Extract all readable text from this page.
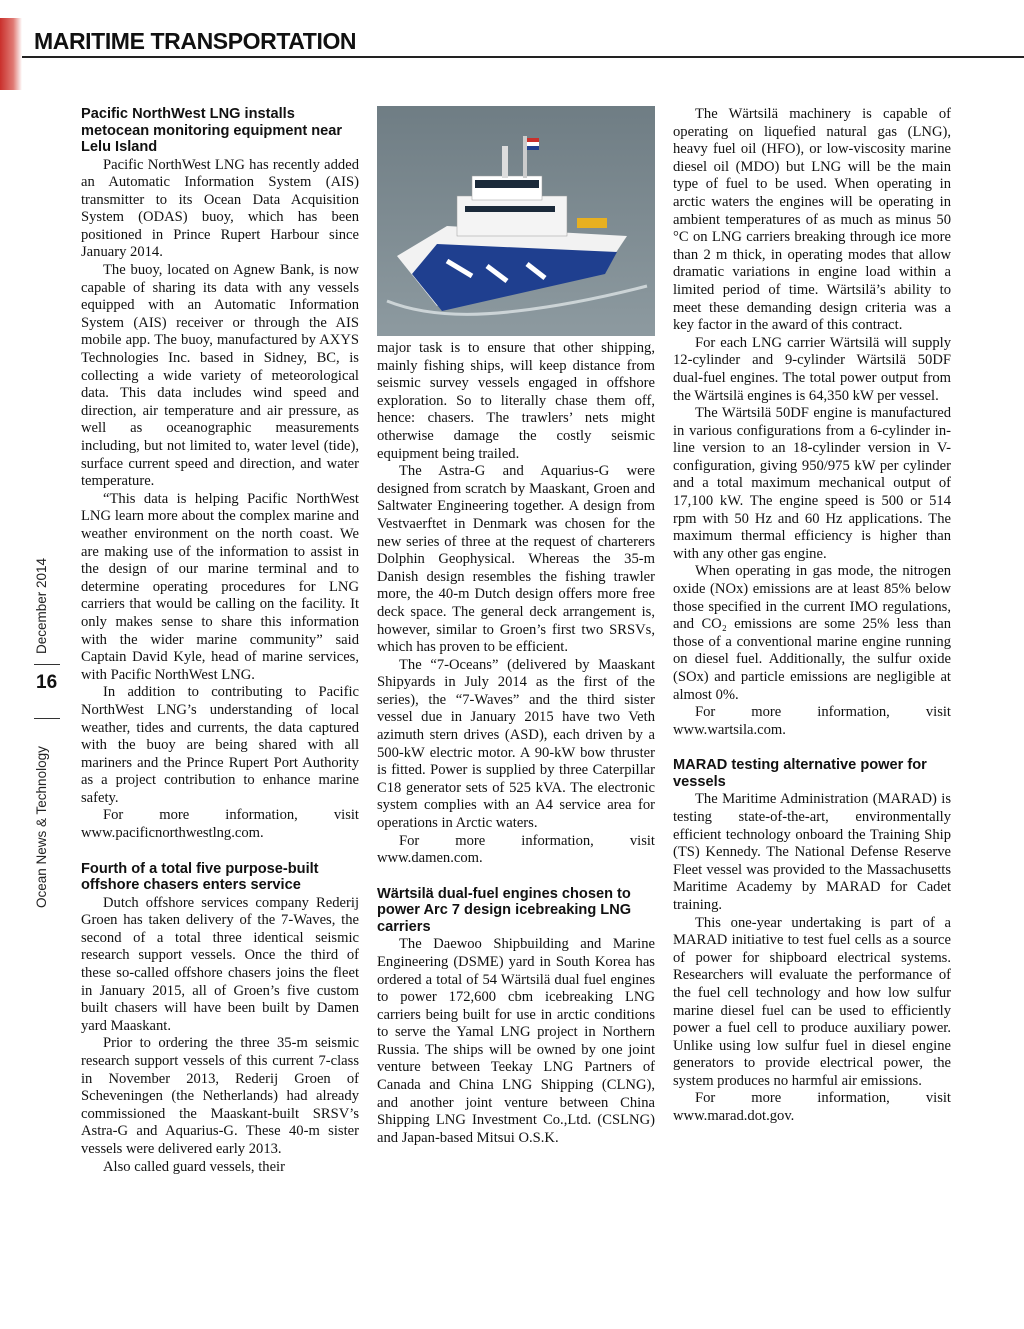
MARITIME TRANSPORTATION
Ocean News & Technology
16
December 2014
Pacific NorthWest LNG installs metocean monitoring equipment near Lelu Island

Pacific NorthWest LNG has recently added an Automatic Information System (AIS) transmitter to its Ocean Data Acquisition System (ODAS) buoy, which has been positioned in Prince Rupert Harbour since January 2014.

The buoy, located on Agnew Bank, is now capable of sharing its data with any vessels equipped with an Automatic Information System (AIS) receiver or through the AIS mobile app. The buoy, manufactured by AXYS Technologies Inc. based in Sidney, BC, is collecting a wide variety of meteorological data. This data includes wind speed and direction, air temperature and air pressure, as well as oceanographic measurements including, but not limited to, water level (tide), surface current speed and direction, and water temperature.

“This data is helping Pacific NorthWest LNG learn more about the complex marine and weather environment on the north coast. We are making use of the information to assist in the design of our marine terminal and to determine operating procedures for LNG carriers that would be calling on the facility. It only makes sense to share this information with the wider marine community” said Captain David Kyle, head of marine services, with Pacific NorthWest LNG.

In addition to contributing to Pacific NorthWest LNG’s understanding of local weather, tides and currents, the data captured with the buoy are being shared with all mariners and the Prince Rupert Port Authority as a project contribution to enhance marine safety.

For more information, visit www.pacificnorthwestlng.com.

Fourth of a total five purpose-built offshore chasers enters service

Dutch offshore services company Rederij Groen has taken delivery of the 7-Waves, the second of a total three identical seismic research support vessels. Once the third of these so-called offshore chasers joins the fleet in January 2015, all of Groen’s five custom built chasers will have been built by Damen yard Maaskant.

Prior to ordering the three 35-m seismic research support vessels of this current 7-class in November 2013, Rederij Groen of Scheveningen (the Netherlands) had already commissioned the Maaskant-built SRSV’s Astra-G and Aquarius-G. These 40-m sister vessels were delivered early 2013.

Also called guard vessels, their

major task is to ensure that other shipping, mainly fishing ships, will keep distance from seismic survey vessels engaged in offshore exploration. So to literally chase them off, hence: chasers. The trawlers’ nets might otherwise damage the costly seismic equipment being trailed.

The Astra-G and Aquarius-G were designed from scratch by Maaskant, Groen and Saltwater Engineering together. A design from Vestvaerftet in Denmark was chosen for the new series of three at the request of charterers Dolphin Geophysical. Whereas the 35-m Danish design resembles the fishing trawler more, the 40-m Dutch design offers more free deck space. The general deck arrangement is, however, similar to Groen’s first two SRSVs, which has proven to be efficient.

The “7-Oceans” (delivered by Maaskant Shipyards in July 2014 as the first of the series), the “7-Waves” and the third sister vessel due in January 2015 have two Veth azimuth stern drives (ASD), each driven by a 500-kW electric motor. A 90-kW bow thruster is fitted. Power is supplied by three Caterpillar C18 generator sets of 525 kVA. The electronic system complies with an A4 service area for operations in Arctic waters.

For more information, visit www.damen.com.

Wärtsilä dual-fuel engines chosen to power Arc 7 design icebreaking LNG carriers

The Daewoo Shipbuilding and Marine Engineering (DSME) yard in South Korea has ordered a total of 54 Wärtsilä dual fuel engines to power 172,600 cbm icebreaking LNG carriers being built for use in arctic conditions to serve the Yamal LNG project in Northern Russia. The ships will be owned by one joint venture between Teekay LNG Partners of Canada and China LNG Shipping (CLNG), and another joint venture between China Shipping LNG Investment Co.,Ltd. (CSLNG) and Japan-based Mitsui O.S.K.

The Wärtsilä machinery is capable of operating on liquefied natural gas (LNG), heavy fuel oil (HFO), or low-viscosity marine diesel oil (MDO) but LNG will be the main type of fuel to be used. When operating in arctic waters the engines will be operating in ambient temperatures of as much as minus 50 °C on LNG carriers breaking through ice more than 2 m thick, in operating modes that allow dramatic variations in engine load within a limited period of time. Wärtsilä’s ability to meet these demanding design criteria was a key factor in the award of this contract.

For each LNG carrier Wärtsilä will supply 12-cylinder and 9-cylinder Wärtsilä 50DF dual-fuel engines. The total power output from the Wärtsilä engines is 64,350 kW per vessel.

The Wärtsilä 50DF engine is manufactured in various configurations from a 6-cylinder in-line version to an 18-cylinder version in V-configuration, giving 950/975 kW per cylinder and a total maximum mechanical output of 17,100 kW. The engine speed is 500 or 514 rpm with 50 Hz and 60 Hz applications. The maximum thermal efficiency is higher than with any other gas engine.

When operating in gas mode, the nitrogen oxide (NOx) emissions are at least 85% below those specified in the current IMO regulations, and CO₂ emissions are some 25% less than those of a conventional marine engine running on diesel fuel. Additionally, the sulfur oxide (SOx) and particle emissions are negligible at almost 0%.

For more information, visit www.wartsila.com.

MARAD testing alternative power for vessels

The Maritime Administration (MARAD) is testing state-of-the-art, environmentally efficient technology onboard the Training Ship (TS) Kennedy. The National Defense Reserve Fleet vessel was provided to the Massachusetts Maritime Academy by MARAD for Cadet training.

This one-year undertaking is part of a MARAD initiative to test fuel cells as a source of power for shipboard electrical systems. Researchers will evaluate the performance of the fuel cell technology and how low sulfur marine diesel fuel can be used to efficiently power a fuel cell to produce auxiliary power. Unlike using low sulfur fuel in diesel engine generators to provide electrical power, the system produces no harmful air emissions.

For more information, visit www.marad.dot.gov.
